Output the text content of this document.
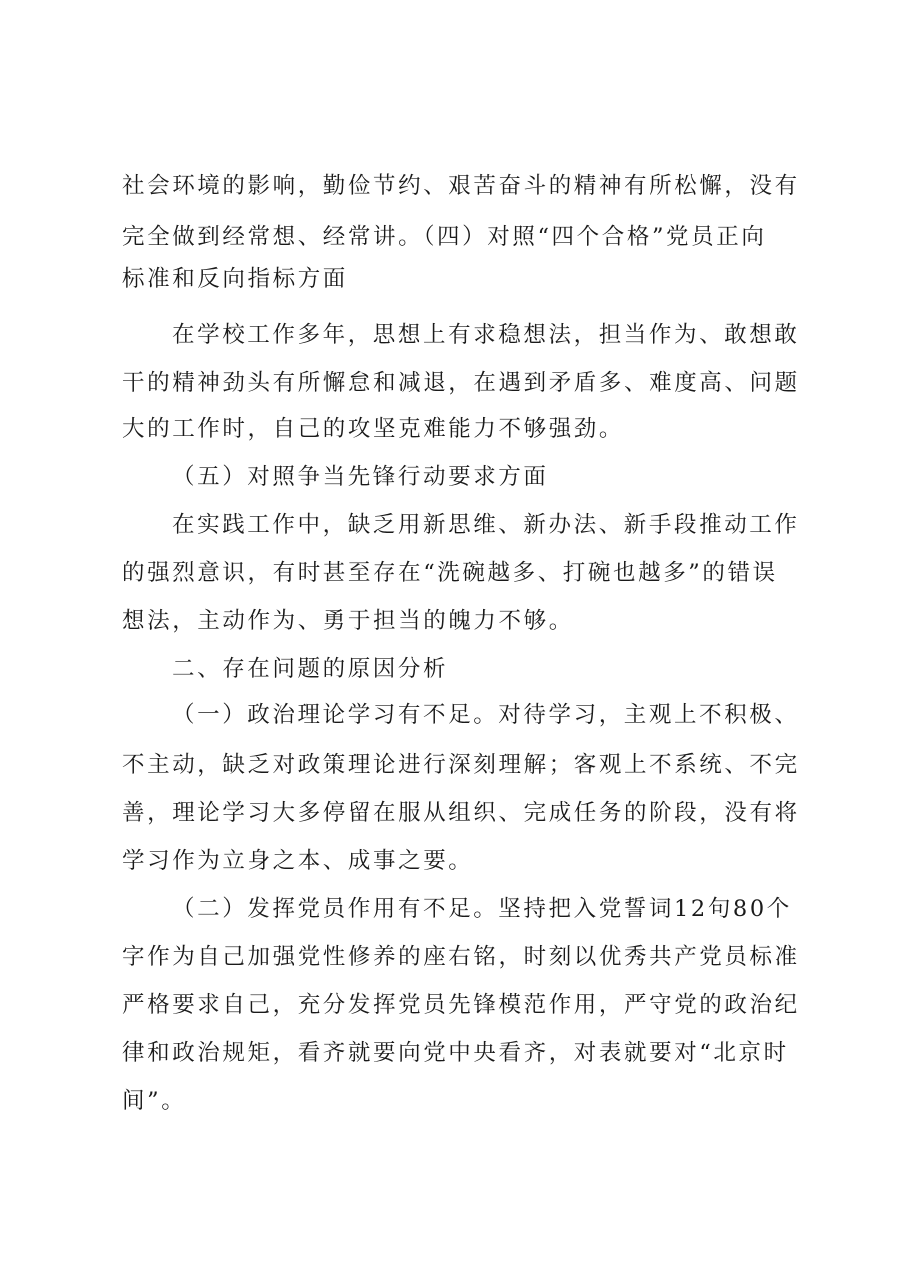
社会环境的影响，勤俭节约、艰苦奋斗的精神有所松懈，没有
完全做到经常想、经常讲。（四）对照“四个合格”党员正向
标准和反向指标方面
在学校工作多年，思想上有求稳想法，担当作为、敢想敢
干的精神劲头有所懈怠和减退，在遇到矛盾多、难度高、问题
大的工作时，自己的攻坚克难能力不够强劲。
（五）对照争当先锋行动要求方面
在实践工作中，缺乏用新思维、新办法、新手段推动工作
的强烈意识，有时甚至存在“洗碗越多、打碗也越多”的错误
想法，主动作为、勇于担当的魄力不够。
二、存在问题的原因分析
（一）政治理论学习有不足。对待学习，主观上不积极、
不主动，缺乏对政策理论进行深刻理解；客观上不系统、不完
善，理论学习大多停留在服从组织、完成任务的阶段，没有将
学习作为立身之本、成事之要。
（二）发挥党员作用有不足。坚持把入党誓词12句80个
字作为自己加强党性修养的座右铭，时刻以优秀共产党员标准
严格要求自己，充分发挥党员先锋模范作用，严守党的政治纪
律和政治规矩，看齐就要向党中央看齐，对表就要对“北京时
间”。
